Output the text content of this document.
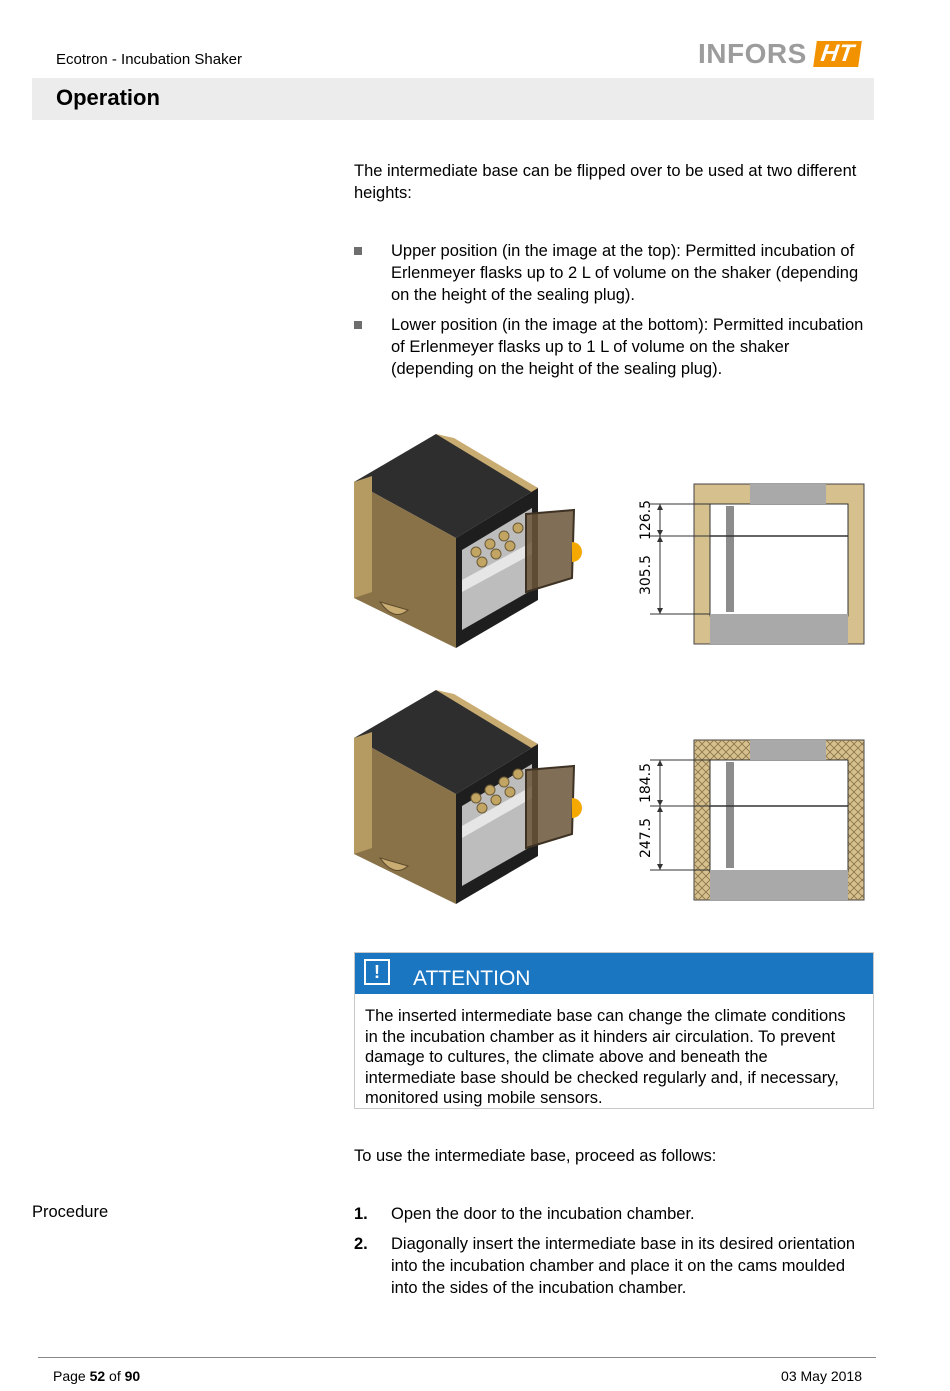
Ecotron - Incubation Shaker	INFORS HT
Operation
The intermediate base can be flipped over to be used at two different heights:
Upper position (in the image at the top): Permitted incubation of Erlenmeyer flasks up to 2 L of volume on the shaker (depending on the height of the sealing plug).
Lower position (in the image at the bottom): Permitted incubation of Erlenmeyer flasks up to 1 L of volume on the shaker (depending on the height of the sealing plug).
126.5
305.5
184.5
247.5
!	ATTENTION
The inserted intermediate base can change the climate conditions in the incubation chamber as it hinders air circulation. To prevent damage to cultures, the climate above and beneath the intermediate base should be checked regularly and, if necessary, monitored using mobile sensors.
To use the intermediate base, proceed as follows:
Procedure	1.	Open the door to the incubation chamber.
2.	Diagonally insert the intermediate base in its desired orientation into the incubation chamber and place it on the cams moulded into the sides of the incubation chamber.
Page 52 of 90	03 May 2018
